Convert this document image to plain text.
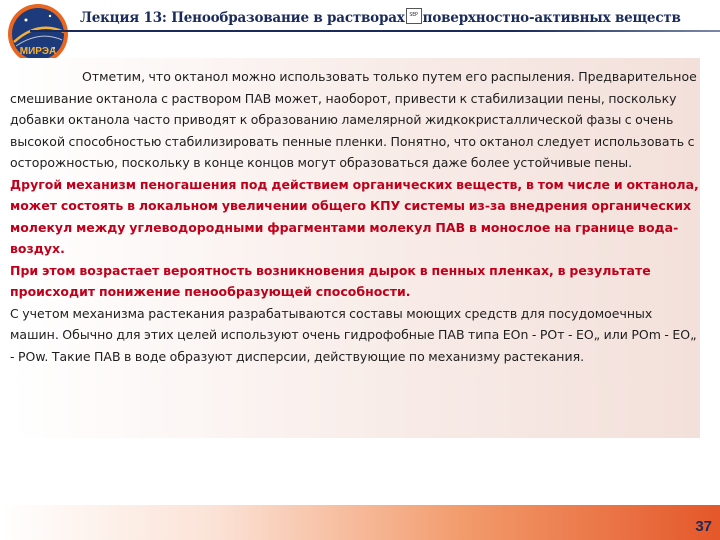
МИРЭА
Лекция 13: Пенообразование в растворахSEP поверхностно-активных веществ

Отметим, что октанол можно использовать только путем его распыления. Предварительное смешивание октанола с раствором ПАВ может, наоборот, привести к стабилизации пены, поскольку добавки октанола часто приводят к образованию ламелярной жидкокристаллической фазы с очень высокой способностью стабилизировать пенные пленки. Понятно, что октанол следует использовать с осторожностью, поскольку в конце концов могут образоваться даже более устойчивые пены.

Другой механизм пеногашения под действием органических веществ, в том числе и октанола, может состоять в локальном увеличении общего КПУ системы из-за внедрения органических молекул между углеводородными фрагментами молекул ПАВ в монослое на границе вода-воздух.

При этом возрастает вероятность возникновения дырок в пенных пленках, в результате происходит понижение пенообразующей способности.

С учетом механизма растекания разрабатываются составы моющих средств для посудомоечных машин. Обычно для этих целей используют очень гидрофобные ПАВ типа ЕОn - РОт - ЕО„ или РОm - ЕО„ - РОw. Такие ПАВ в воде образуют дисперсии, действующие по механизму растекания.

37
